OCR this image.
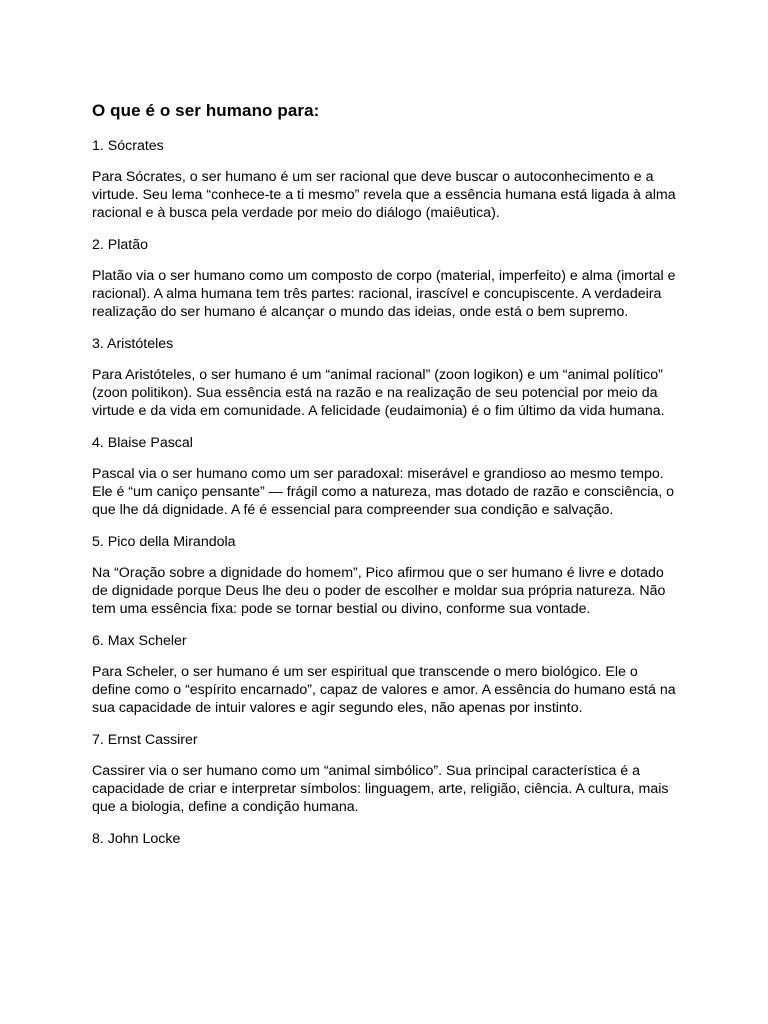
O que é o ser humano para:

1. Sócrates

Para Sócrates, o ser humano é um ser racional que deve buscar o autoconhecimento e a virtude. Seu lema “conhece-te a ti mesmo” revela que a essência humana está ligada à alma racional e à busca pela verdade por meio do diálogo (maiêutica).

2. Platão

Platão via o ser humano como um composto de corpo (material, imperfeito) e alma (imortal e racional). A alma humana tem três partes: racional, irascível e concupiscente. A verdadeira realização do ser humano é alcançar o mundo das ideias, onde está o bem supremo.

3. Aristóteles

Para Aristóteles, o ser humano é um “animal racional” (zoon logikon) e um “animal político” (zoon politikon). Sua essência está na razão e na realização de seu potencial por meio da virtude e da vida em comunidade. A felicidade (eudaimonia) é o fim último da vida humana.

4. Blaise Pascal

Pascal via o ser humano como um ser paradoxal: miserável e grandioso ao mesmo tempo. Ele é “um caniço pensante” — frágil como a natureza, mas dotado de razão e consciência, o que lhe dá dignidade. A fé é essencial para compreender sua condição e salvação.

5. Pico della Mirandola

Na “Oração sobre a dignidade do homem”, Pico afirmou que o ser humano é livre e dotado de dignidade porque Deus lhe deu o poder de escolher e moldar sua própria natureza. Não tem uma essência fixa: pode se tornar bestial ou divino, conforme sua vontade.

6. Max Scheler

Para Scheler, o ser humano é um ser espiritual que transcende o mero biológico. Ele o define como o “espírito encarnado”, capaz de valores e amor. A essência do humano está na sua capacidade de intuir valores e agir segundo eles, não apenas por instinto.

7. Ernst Cassirer

Cassirer via o ser humano como um “animal simbólico”. Sua principal característica é a capacidade de criar e interpretar símbolos: linguagem, arte, religião, ciência. A cultura, mais que a biologia, define a condição humana.

8. John Locke
